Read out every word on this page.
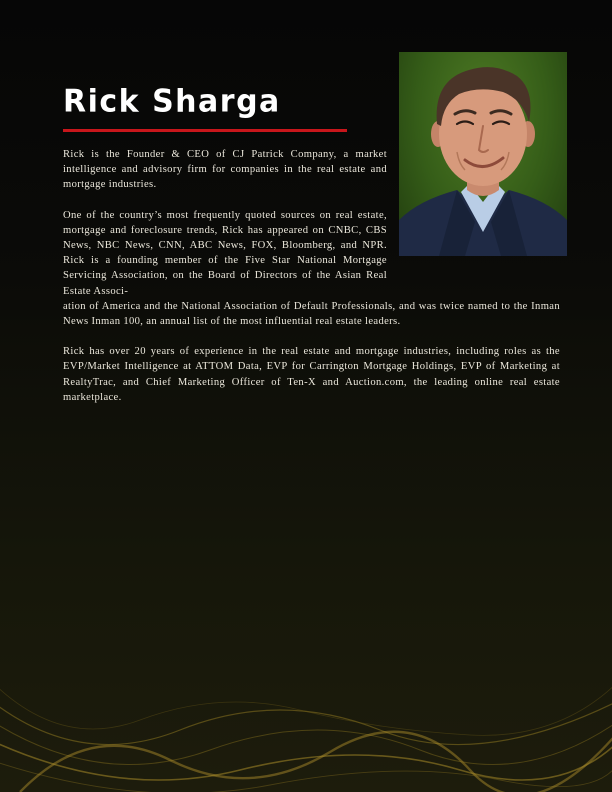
Rick Sharga

Rick is the Founder & CEO of CJ Patrick Company, a market intelligence and advisory firm for companies in the real estate and mortgage industries.

One of the country’s most frequently quoted sources on real estate, mortgage and foreclosure trends, Rick has appeared on CNBC, CBS News, NBC News, CNN, ABC News, FOX, Bloomberg, and NPR. Rick is a founding member of the Five Star National Mortgage Servicing Association, on the Board of Directors of the Asian Real Estate Associ-
ation of America and the National Association of Default Professionals, and was twice named to the Inman News Inman 100, an annual list of the most influential real estate leaders.

Rick has over 20 years of experience in the real estate and mortgage industries, including roles as the EVP/Market Intelligence at ATTOM Data, EVP for Carrington Mortgage Holdings, EVP of Marketing at RealtyTrac, and Chief Marketing Officer of Ten-X and Auction.com, the leading online real estate marketplace.
